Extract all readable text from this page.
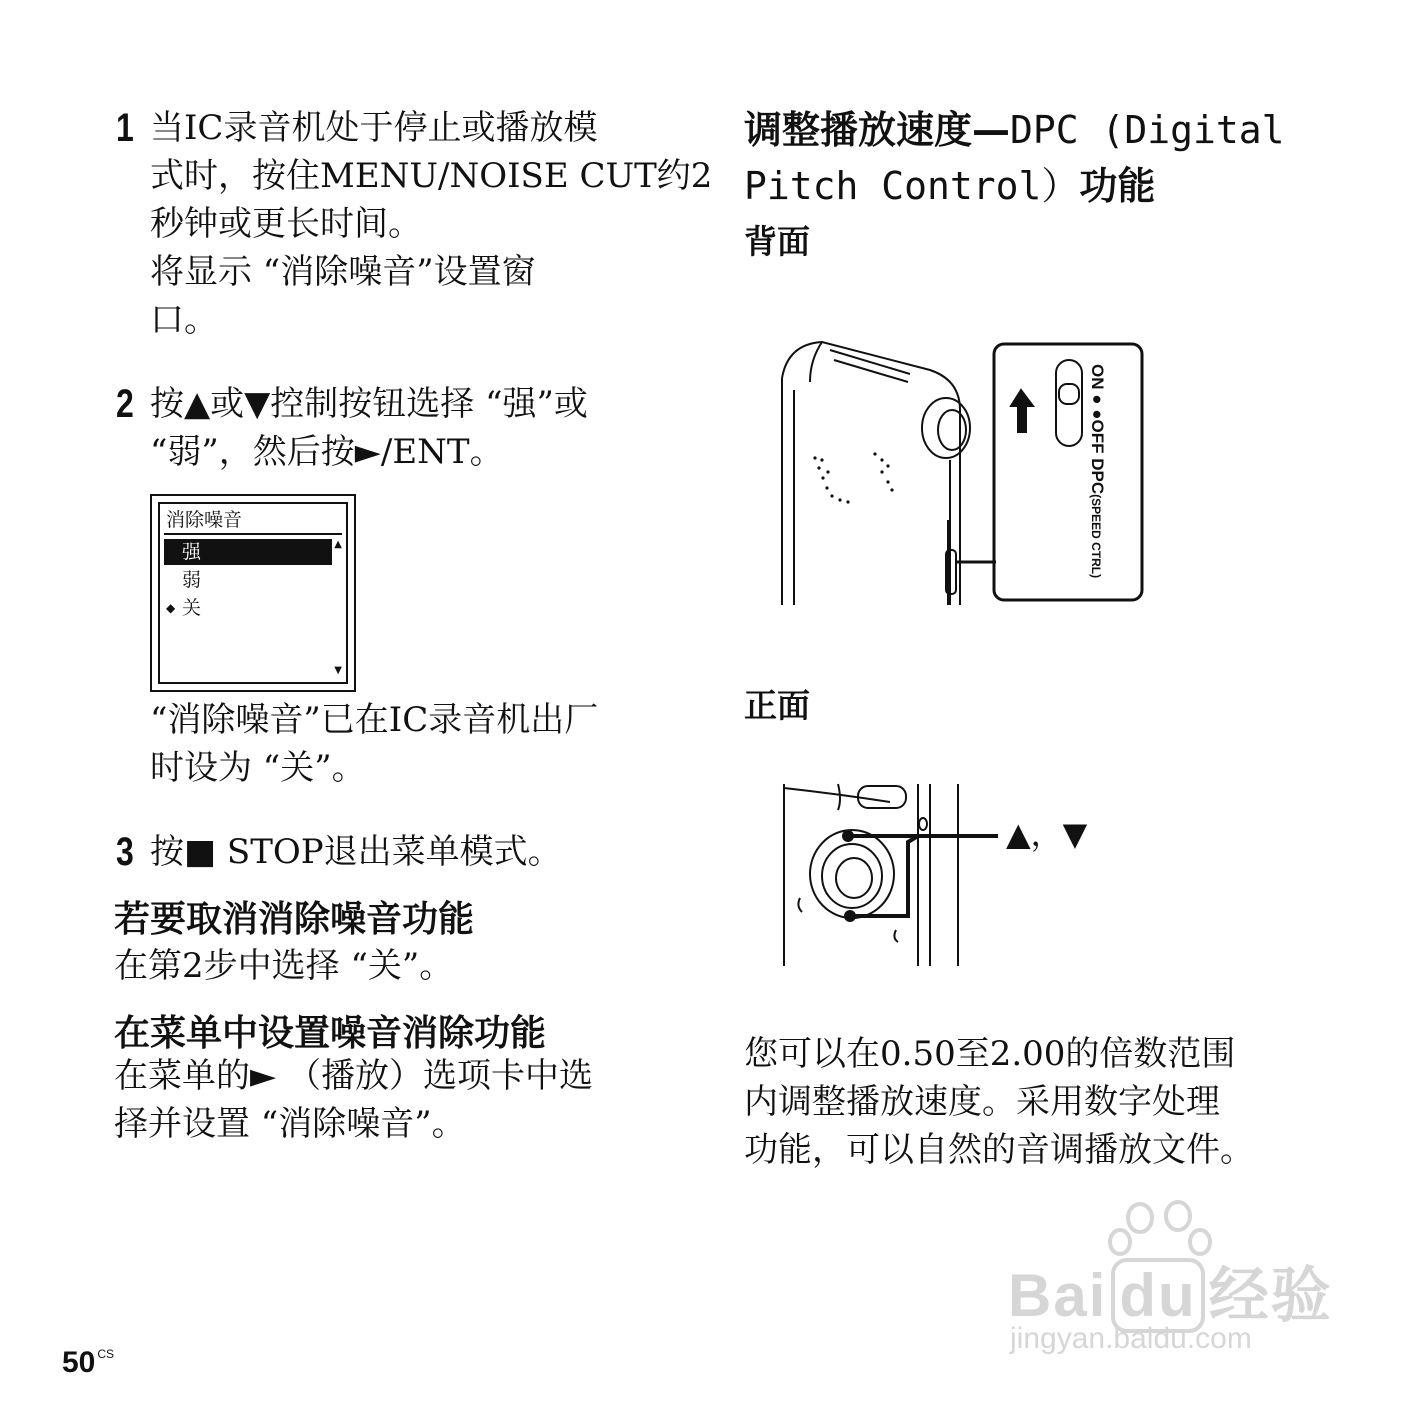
1 当IC录音机处于停止或播放模
式时，按住MENU/NOISE CUT约2
秒钟或更长时间。
将显示 “消除噪音”设置窗
口。
2 按▲或▼控制按钮选择 “强”或
“弱”，然后按►/ENT。
消除噪音
强
弱
◆ 关
▲
▼
“消除噪音”已在IC录音机出厂
时设为 “关”。
3 按■ STOP退出菜单模式。
若要取消消除噪音功能
在第2步中选择 “关”。
在菜单中设置噪音消除功能
在菜单的► （播放）选项卡中选
择并设置 “消除噪音”。
调整播放速度—DPC (Digital
Pitch Control）功能
背面
ON ● ●OFF DPC(SPEED CTRL)
正面
▲，▼
您可以在0.50至2.00的倍数范围
内调整播放速度。采用数字处理
功能，可以自然的音调播放文件。
50 $^{CS}$
Bai du 经验
jingyan.baidu.com
